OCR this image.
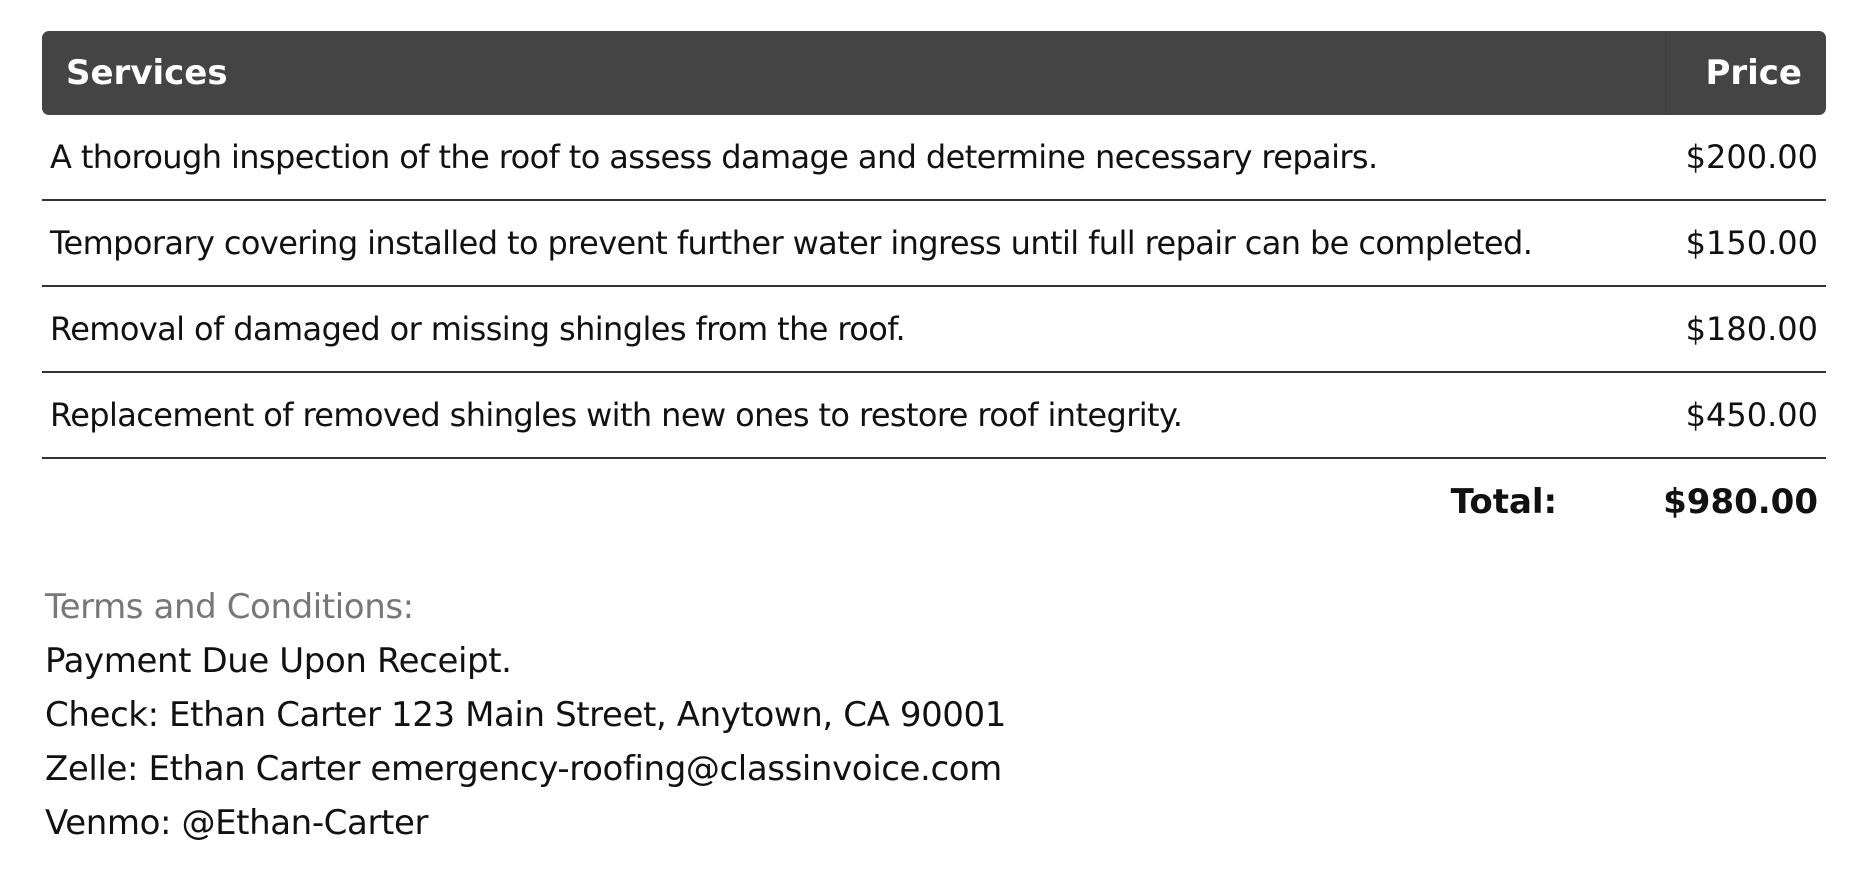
Services	Price
A thorough inspection of the roof to assess damage and determine necessary repairs.	$200.00
Temporary covering installed to prevent further water ingress until full repair can be completed.	$150.00
Removal of damaged or missing shingles from the roof.	$180.00
Replacement of removed shingles with new ones to restore roof integrity.	$450.00
Total:	$980.00
Terms and Conditions:
Payment Due Upon Receipt.
Check: Ethan Carter 123 Main Street, Anytown, CA 90001
Zelle: Ethan Carter emergency-roofing@classinvoice.com
Venmo: @Ethan-Carter
